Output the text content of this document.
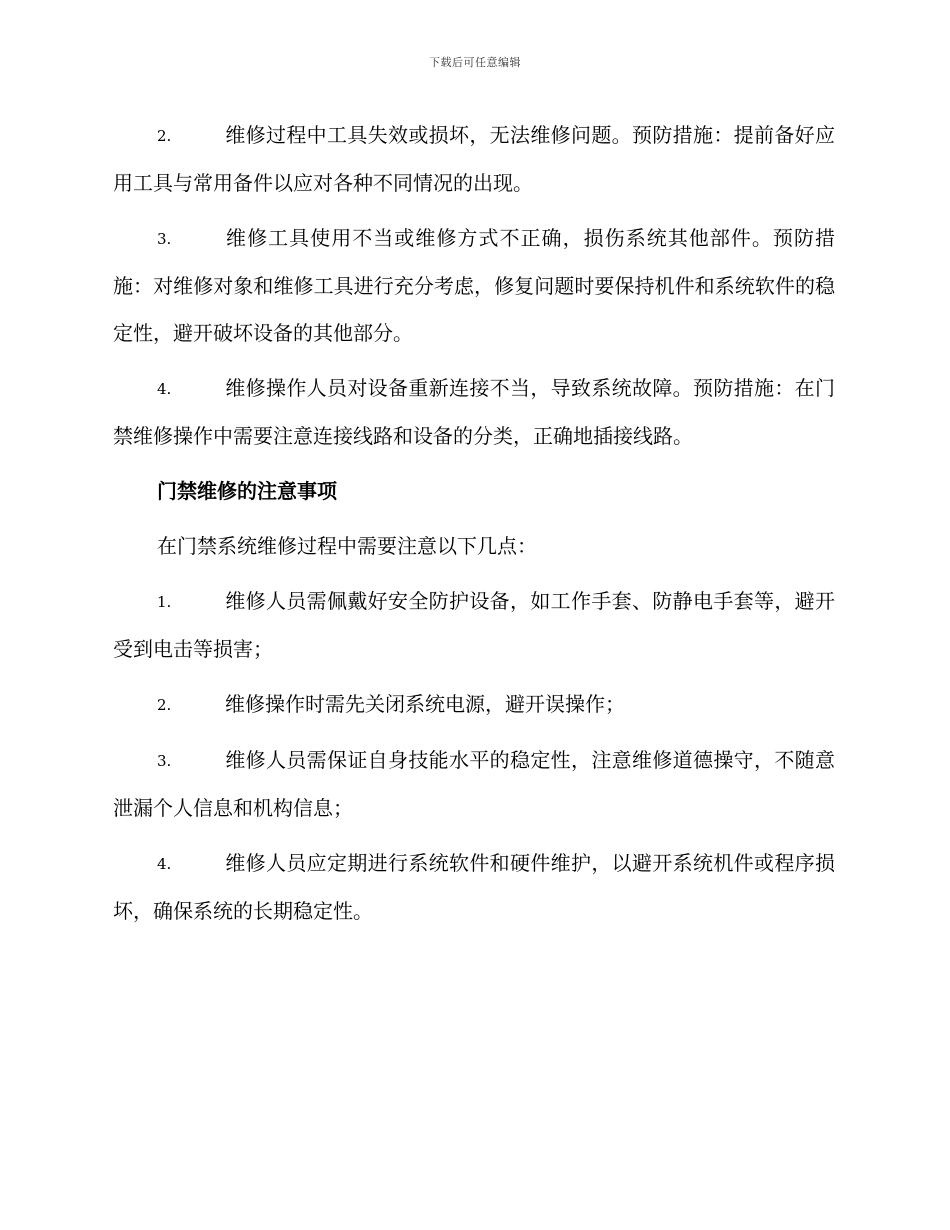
下载后可任意编辑

2.	维修过程中工具失效或损坏，无法维修问题。预防措施：提前备好应用工具与常用备件以应对各种不同情况的出现。

3.	维修工具使用不当或维修方式不正确，损伤系统其他部件。预防措施：对维修对象和维修工具进行充分考虑，修复问题时要保持机件和系统软件的稳定性，避开破坏设备的其他部分。

4.	维修操作人员对设备重新连接不当，导致系统故障。预防措施：在门禁维修操作中需要注意连接线路和设备的分类，正确地插接线路。

门禁维修的注意事项

在门禁系统维修过程中需要注意以下几点：

1.	维修人员需佩戴好安全防护设备，如工作手套、防静电手套等，避开受到电击等损害；

2.	维修操作时需先关闭系统电源，避开误操作；

3.	维修人员需保证自身技能水平的稳定性，注意维修道德操守，不随意泄漏个人信息和机构信息；

4.	维修人员应定期进行系统软件和硬件维护，以避开系统机件或程序损坏，确保系统的长期稳定性。
